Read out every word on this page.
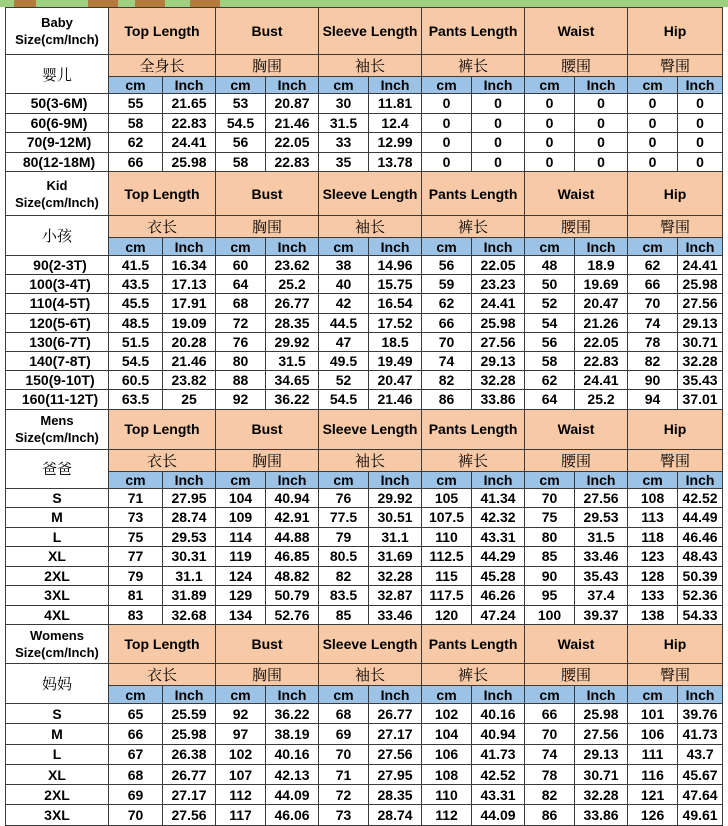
Baby
Size(cm/Inch)	Top Length		Bust		Sleeve Length		Pants Length		Waist		Hip	
婴儿	全身长		胸围		袖长		裤长		腰围		臀围	
	cm	Inch	cm	Inch	cm	Inch	cm	Inch	cm	Inch	cm	Inch
50(3-6M)	55	21.65	53	20.87	30	11.81	0	0	0	0	0	0
60(6-9M)	58	22.83	54.5	21.46	31.5	12.4	0	0	0	0	0	0
70(9-12M)	62	24.41	56	22.05	33	12.99	0	0	0	0	0	0
80(12-18M)	66	25.98	58	22.83	35	13.78	0	0	0	0	0	0

Kid
Size(cm/Inch)	Top Length		Bust		Sleeve Length		Pants Length		Waist		Hip	
小孩	衣长		胸围		袖长		裤长		腰围		臀围	
	cm	Inch	cm	Inch	cm	Inch	cm	Inch	cm	Inch	cm	Inch
90(2-3T)	41.5	16.34	60	23.62	38	14.96	56	22.05	48	18.9	62	24.41
100(3-4T)	43.5	17.13	64	25.2	40	15.75	59	23.23	50	19.69	66	25.98
110(4-5T)	45.5	17.91	68	26.77	42	16.54	62	24.41	52	20.47	70	27.56
120(5-6T)	48.5	19.09	72	28.35	44.5	17.52	66	25.98	54	21.26	74	29.13
130(6-7T)	51.5	20.28	76	29.92	47	18.5	70	27.56	56	22.05	78	30.71
140(7-8T)	54.5	21.46	80	31.5	49.5	19.49	74	29.13	58	22.83	82	32.28
150(9-10T)	60.5	23.82	88	34.65	52	20.47	82	32.28	62	24.41	90	35.43
160(11-12T)	63.5	25	92	36.22	54.5	21.46	86	33.86	64	25.2	94	37.01

Mens
Size(cm/Inch)	Top Length		Bust		Sleeve Length		Pants Length		Waist		Hip	
爸爸	衣长		胸围		袖长		裤长		腰围		臀围	
	cm	Inch	cm	Inch	cm	Inch	cm	Inch	cm	Inch	cm	Inch
S	71	27.95	104	40.94	76	29.92	105	41.34	70	27.56	108	42.52
M	73	28.74	109	42.91	77.5	30.51	107.5	42.32	75	29.53	113	44.49
L	75	29.53	114	44.88	79	31.1	110	43.31	80	31.5	118	46.46
XL	77	30.31	119	46.85	80.5	31.69	112.5	44.29	85	33.46	123	48.43
2XL	79	31.1	124	48.82	82	32.28	115	45.28	90	35.43	128	50.39
3XL	81	31.89	129	50.79	83.5	32.87	117.5	46.26	95	37.4	133	52.36
4XL	83	32.68	134	52.76	85	33.46	120	47.24	100	39.37	138	54.33

Womens
Size(cm/Inch)	Top Length		Bust		Sleeve Length		Pants Length		Waist		Hip	
妈妈	衣长		胸围		袖长		裤长		腰围		臀围	
	cm	Inch	cm	Inch	cm	Inch	cm	Inch	cm	Inch	cm	Inch
S	65	25.59	92	36.22	68	26.77	102	40.16	66	25.98	101	39.76
M	66	25.98	97	38.19	69	27.17	104	40.94	70	27.56	106	41.73
L	67	26.38	102	40.16	70	27.56	106	41.73	74	29.13	111	43.7
XL	68	26.77	107	42.13	71	27.95	108	42.52	78	30.71	116	45.67
2XL	69	27.17	112	44.09	72	28.35	110	43.31	82	32.28	121	47.64
3XL	70	27.56	117	46.06	73	28.74	112	44.09	86	33.86	126	49.61
